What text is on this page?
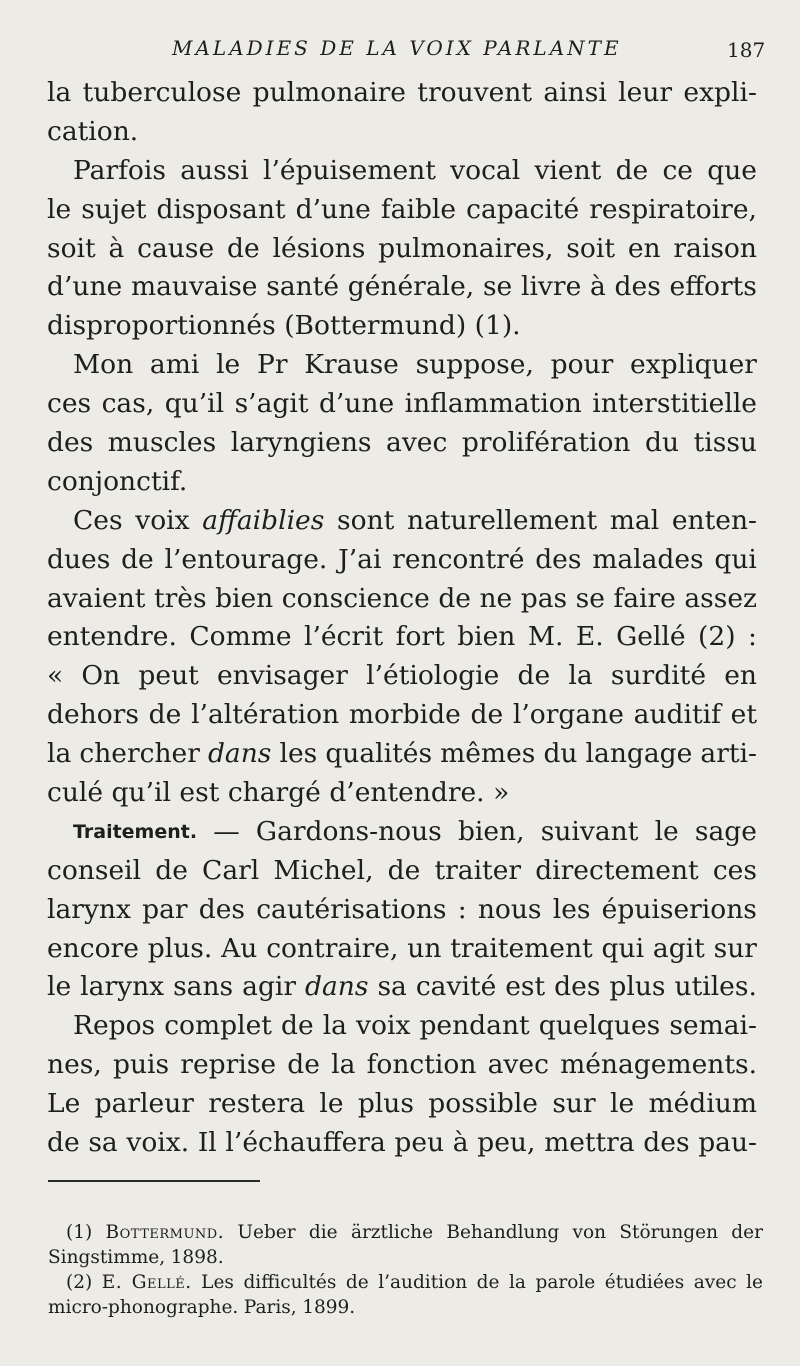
MALADIES DE LA VOIX PARLANTE	187
la tuberculose pulmonaire trouvent ainsi leur expli-
cation.
Parfois aussi l’épuisement vocal vient de ce que
le sujet disposant d’une faible capacité respiratoire,
soit à cause de lésions pulmonaires, soit en raison
d’une mauvaise santé générale, se livre à des efforts
disproportionnés (Bottermund) (1).
Mon ami le Pr Krause suppose, pour expliquer
ces cas, qu’il s’agit d’une inflammation interstitielle
des muscles laryngiens avec prolifération du tissu
conjonctif.
Ces voix affaiblies sont naturellement mal enten-
dues de l’entourage. J’ai rencontré des malades qui
avaient très bien conscience de ne pas se faire assez
entendre. Comme l’écrit fort bien M. E. Gellé (2) :
« On peut envisager l’étiologie de la surdité en
dehors de l’altération morbide de l’organe auditif et
la chercher dans les qualités mêmes du langage arti-
culé qu’il est chargé d’entendre. »
Traitement. — Gardons-nous bien, suivant le sage
conseil de Carl Michel, de traiter directement ces
larynx par des cautérisations : nous les épuiserions
encore plus. Au contraire, un traitement qui agit sur
le larynx sans agir dans sa cavité est des plus utiles.
Repos complet de la voix pendant quelques semai-
nes, puis reprise de la fonction avec ménagements.
Le parleur restera le plus possible sur le médium
de sa voix. Il l’échauffera peu à peu, mettra des pau-
(1) Bottermund. Ueber die ärztliche Behandlung von Störungen der
Singstimme, 1898.
(2) E. Gellé. Les difficultés de l’audition de la parole étudiées avec le
micro-phonographe. Paris, 1899.
